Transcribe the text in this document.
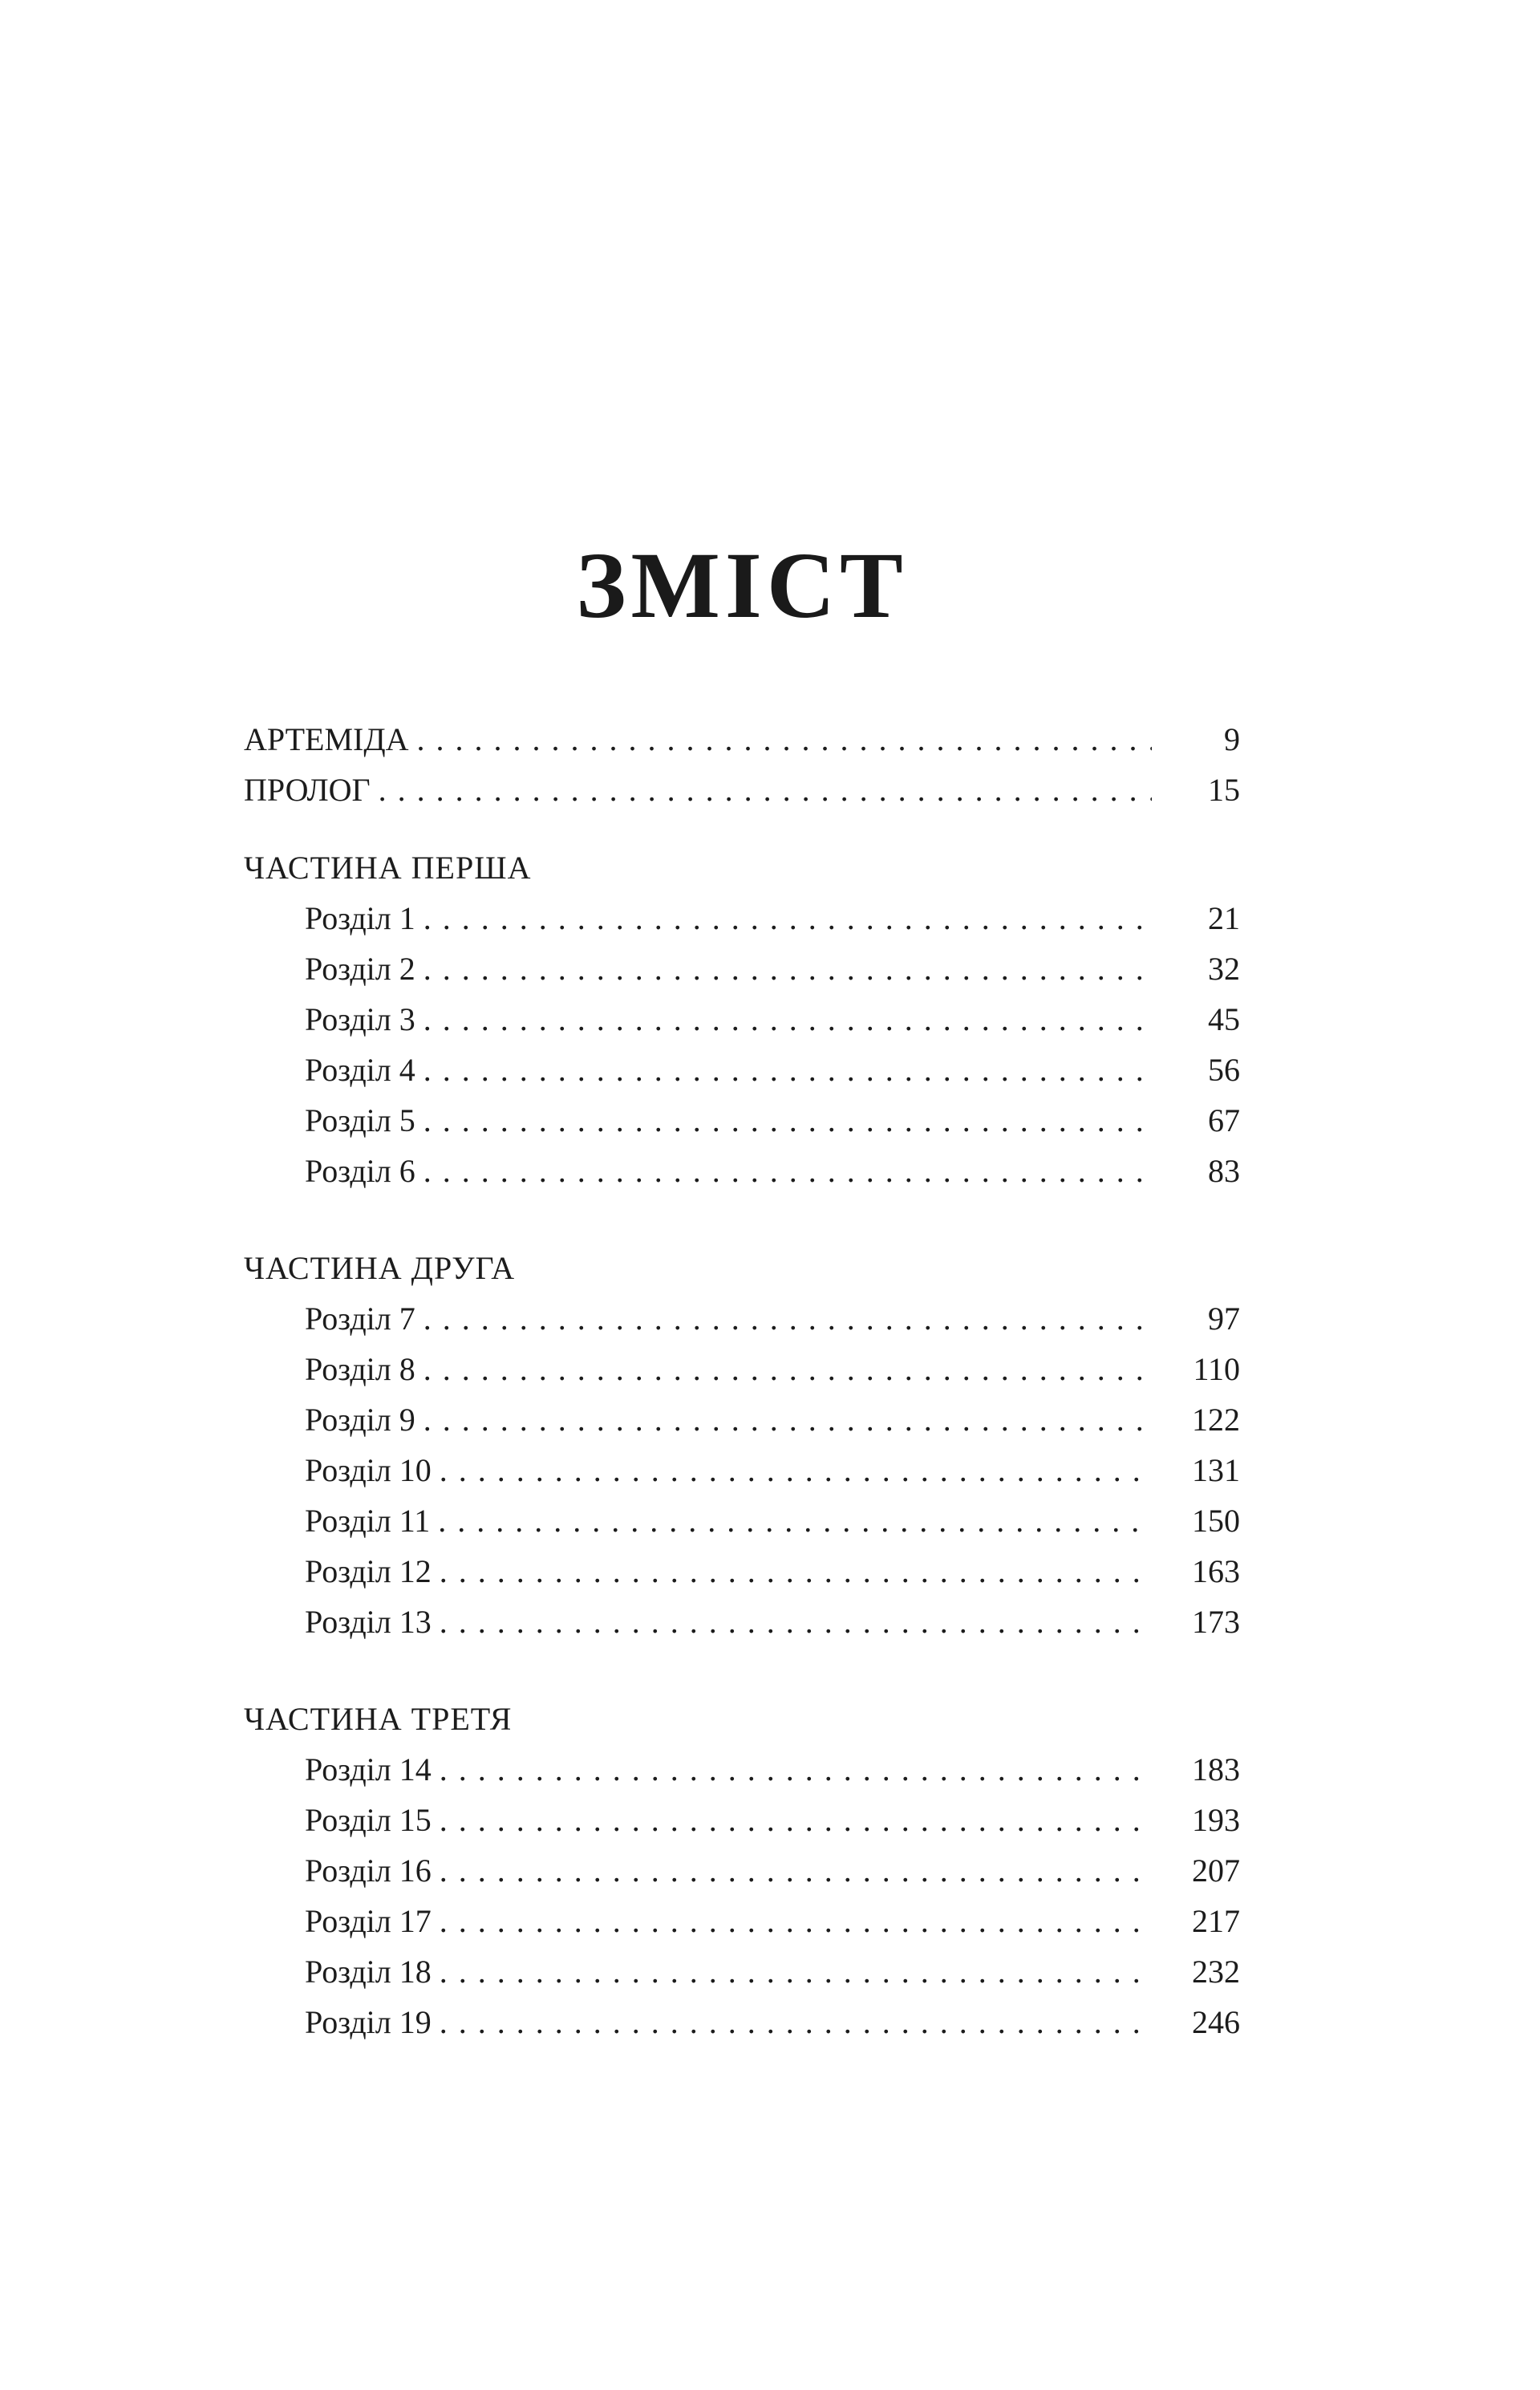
ЗМІСТ
АРТЕМІДА .....	9
ПРОЛОГ .....	15
ЧАСТИНА ПЕРША
Розділ 1 .....	21
Розділ 2 .....	32
Розділ 3 .....	45
Розділ 4 .....	56
Розділ 5 .....	67
Розділ 6 .....	83
ЧАСТИНА ДРУГА
Розділ 7 .....	97
Розділ 8 .....	110
Розділ 9 .....	122
Розділ 10 .....	131
Розділ 11 .....	150
Розділ 12 .....	163
Розділ 13 .....	173
ЧАСТИНА ТРЕТЯ
Розділ 14 .....	183
Розділ 15 .....	193
Розділ 16 .....	207
Розділ 17 .....	217
Розділ 18 .....	232
Розділ 19 .....	246
